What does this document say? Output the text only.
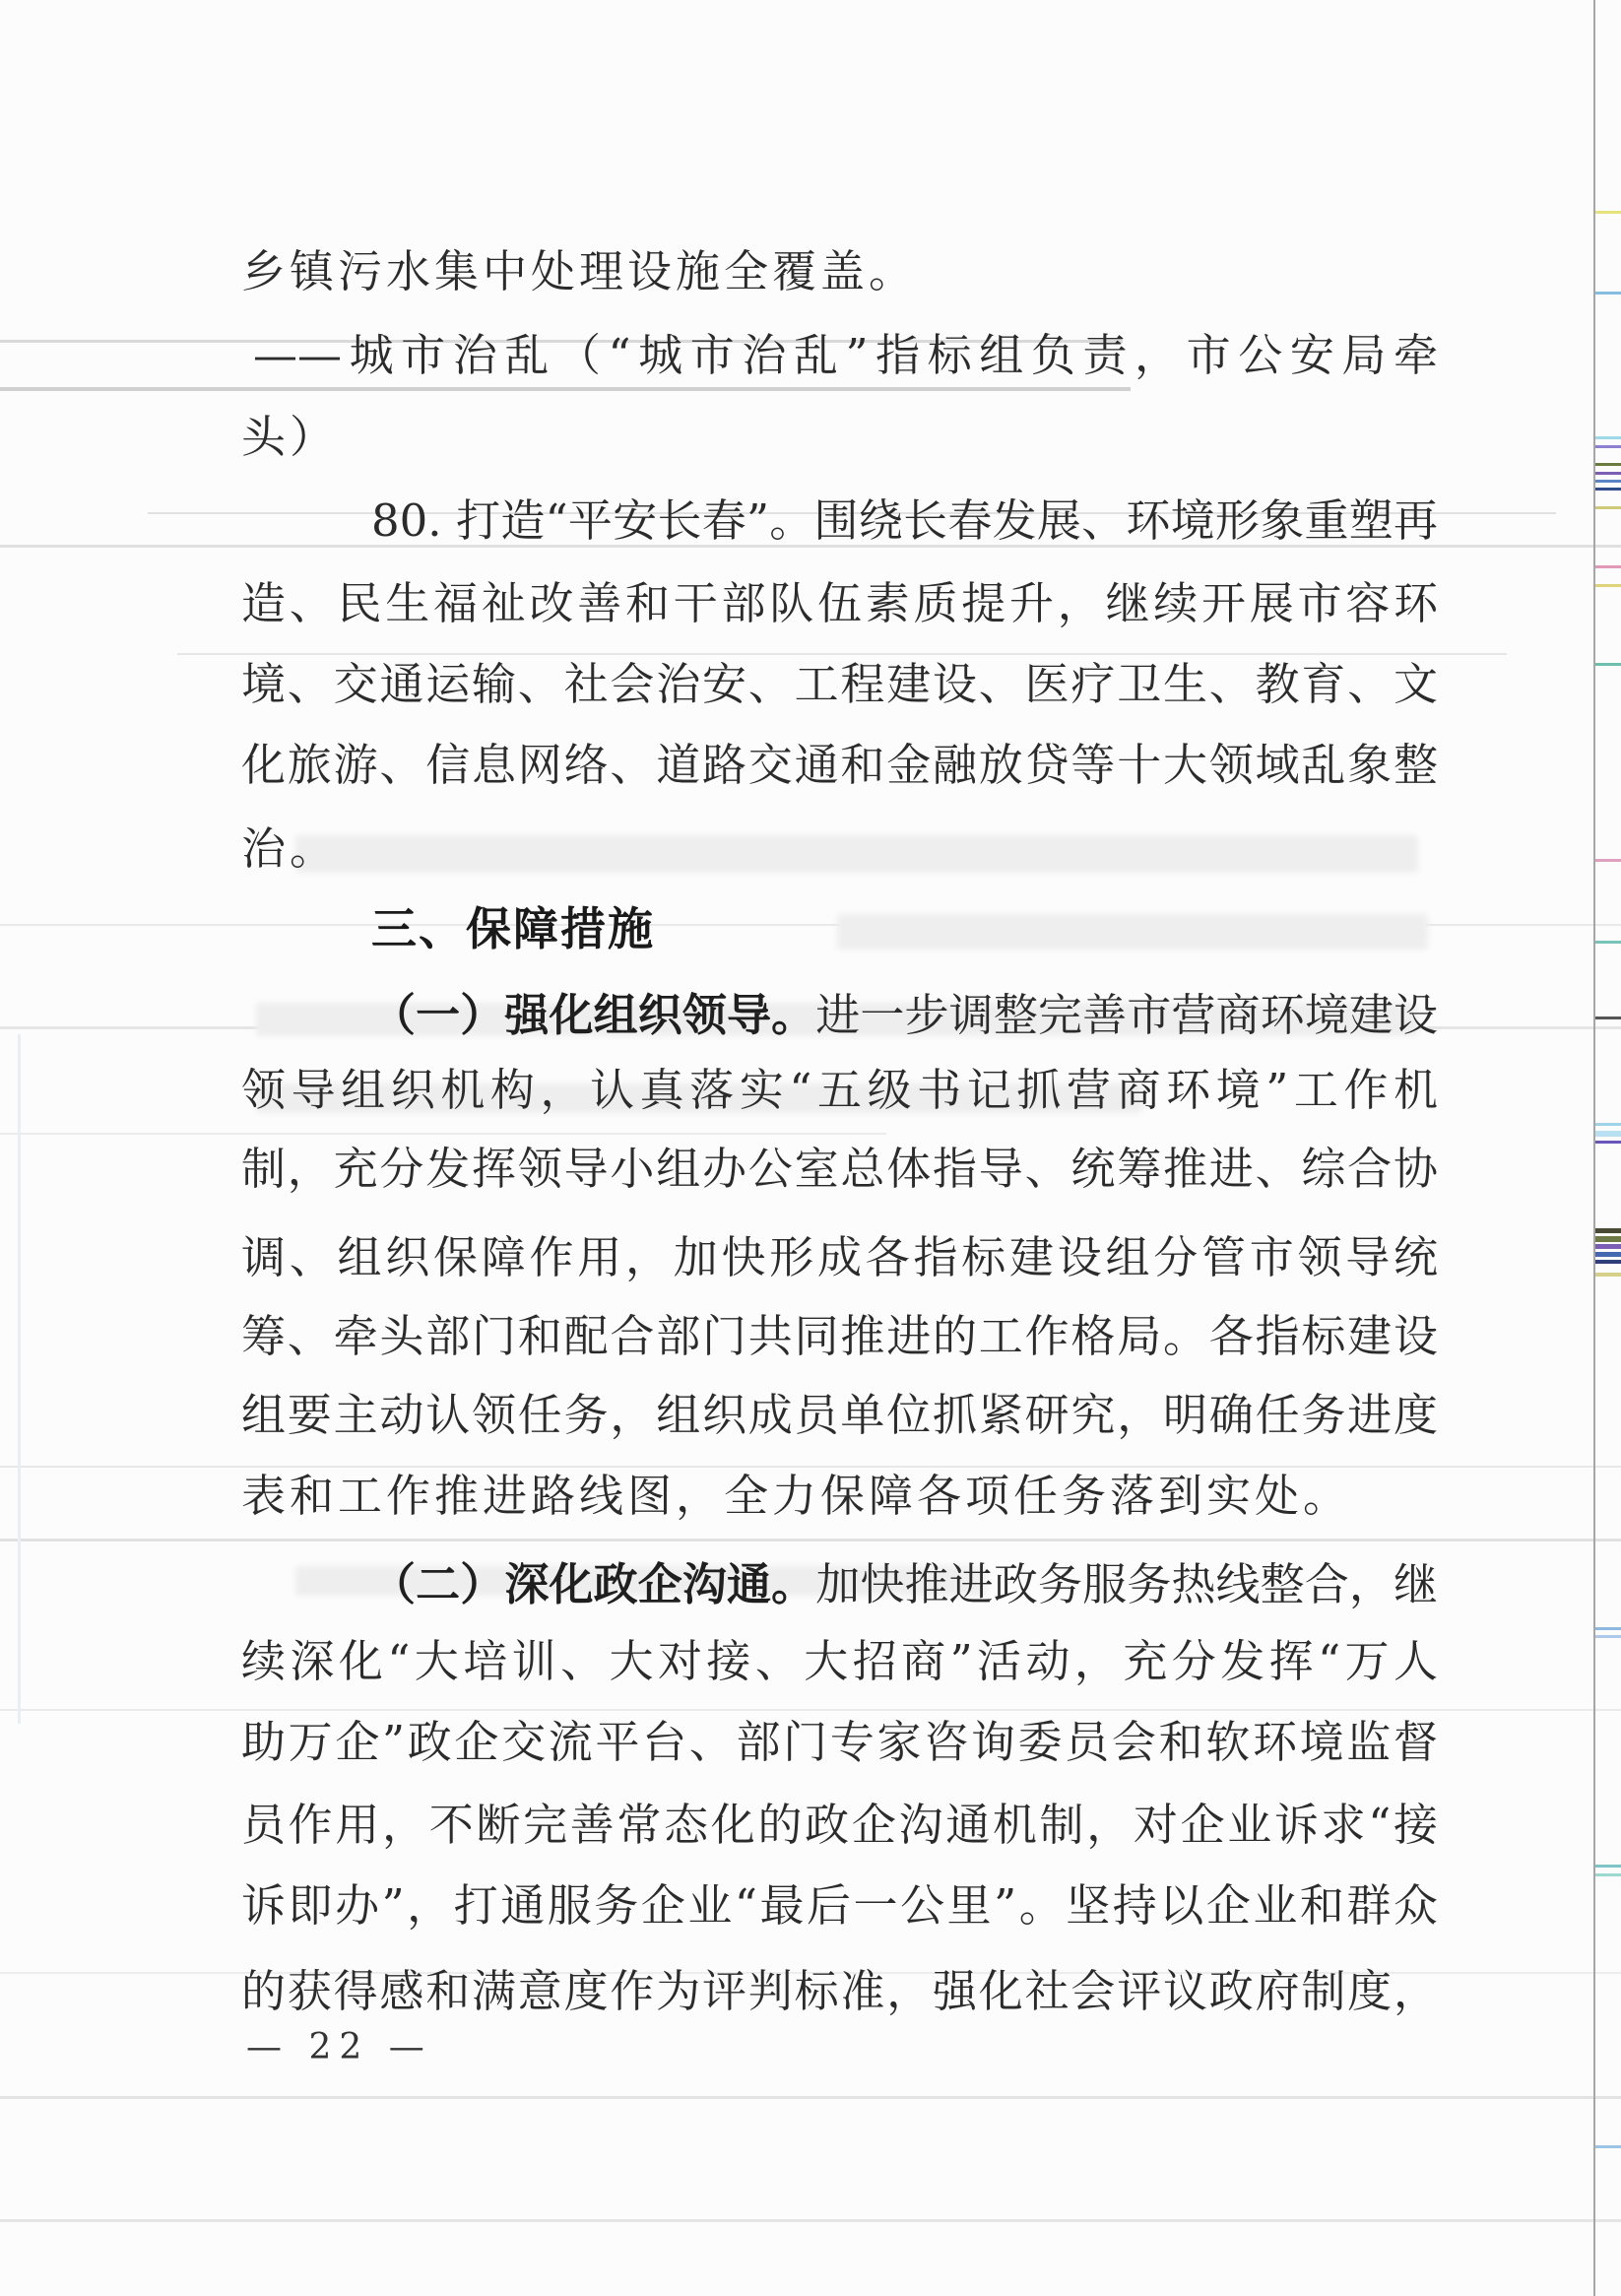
乡镇污水集中处理设施全覆盖。
——城市治乱（“城市治乱”指标组负责，市公安局牵
头）
80. 打造“平安长春”。围绕长春发展、环境形象重塑再
造、民生福祉改善和干部队伍素质提升，继续开展市容环
境、交通运输、社会治安、工程建设、医疗卫生、教育、文
化旅游、信息网络、道路交通和金融放贷等十大领域乱象整
治。
三、保障措施
（一）强化组织领导。进一步调整完善市营商环境建设
领导组织机构，认真落实“五级书记抓营商环境”工作机
制，充分发挥领导小组办公室总体指导、统筹推进、综合协
调、组织保障作用，加快形成各指标建设组分管市领导统
筹、牵头部门和配合部门共同推进的工作格局。各指标建设
组要主动认领任务，组织成员单位抓紧研究，明确任务进度
表和工作推进路线图，全力保障各项任务落到实处。
（二）深化政企沟通。加快推进政务服务热线整合，继
续深化“大培训、大对接、大招商”活动，充分发挥“万人
助万企”政企交流平台、部门专家咨询委员会和软环境监督
员作用，不断完善常态化的政企沟通机制，对企业诉求“接
诉即办”，打通服务企业“最后一公里”。坚持以企业和群众
的获得感和满意度作为评判标准，强化社会评议政府制度，
— 22 —
